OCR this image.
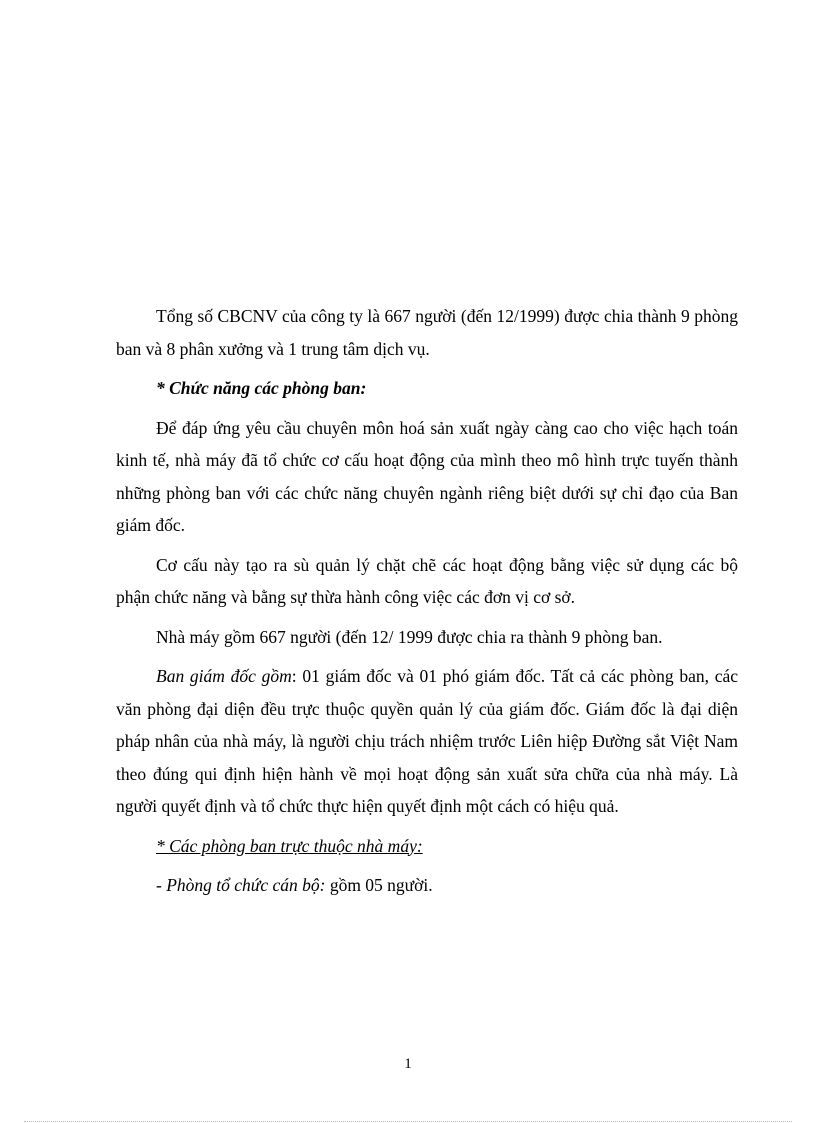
Tổng số CBCNV của công ty là 667 người (đến 12/1999) được chia thành 9 phòng ban và 8 phân xưởng và 1 trung tâm dịch vụ.

* Chức năng các phòng ban:

Để đáp ứng yêu cầu chuyên môn hoá sản xuất ngày càng cao cho việc hạch toán kinh tế, nhà máy đã tổ chức cơ cấu hoạt động của mình theo mô hình trực tuyến thành những phòng ban với các chức năng chuyên ngành riêng biệt dưới sự chỉ đạo của Ban giám đốc.

Cơ cấu này tạo ra sù quản lý chặt chẽ các hoạt động bằng việc sử dụng các bộ phận chức năng và bằng sự thừa hành công việc các đơn vị cơ sở.

Nhà máy gồm 667 người (đến 12/ 1999 được chia ra thành 9 phòng ban.

Ban giám đốc gồm: 01 giám đốc và 01 phó giám đốc. Tất cả các phòng ban, các văn phòng đại diện đều trực thuộc quyền quản lý của giám đốc. Giám đốc là đại diện pháp nhân của nhà máy, là người chịu trách nhiệm trước Liên hiệp Đường sắt Việt Nam theo đúng qui định hiện hành về mọi hoạt động sản xuất sửa chữa của nhà máy. Là người quyết định và tổ chức thực hiện quyết định một cách có hiệu quả.

* Các phòng ban trực thuộc nhà máy:

- Phòng tổ chức cán bộ: gồm 05 người.

1
